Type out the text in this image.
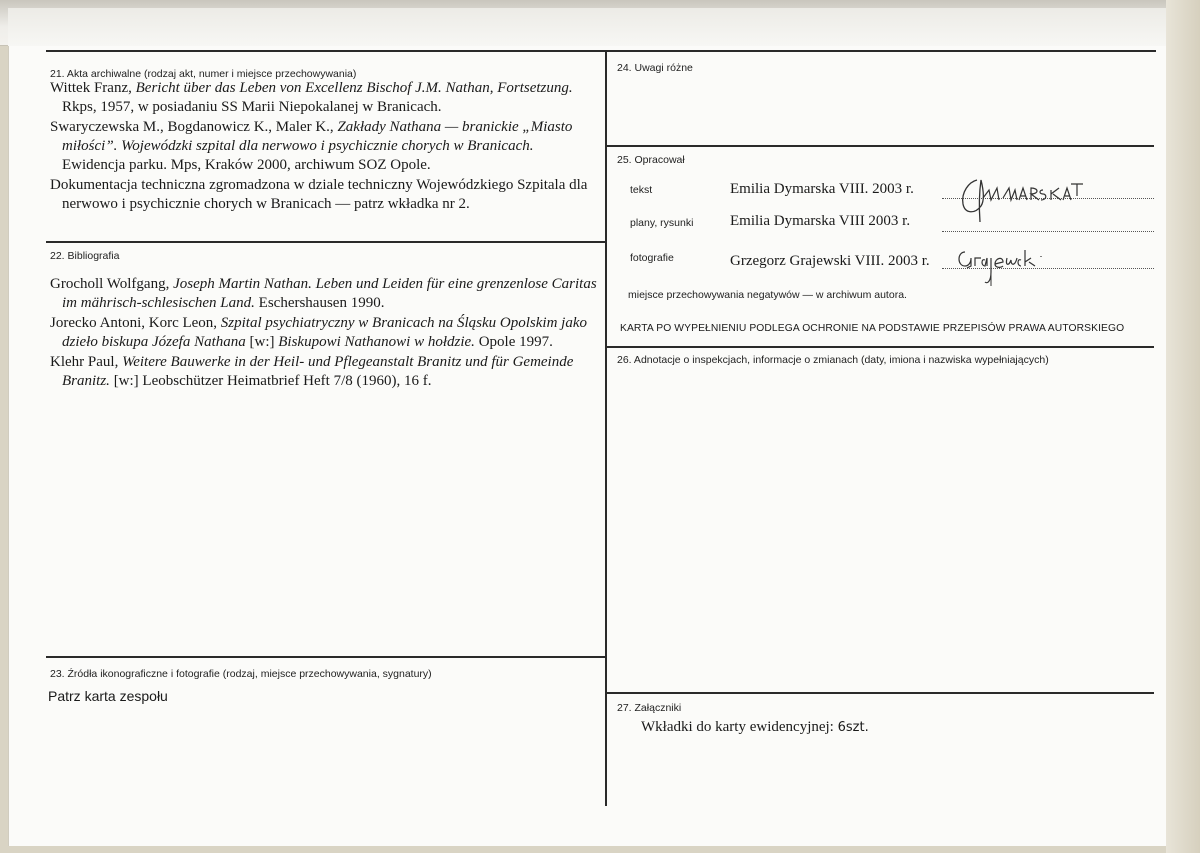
21. Akta archiwalne (rodzaj akt, numer i miejsce przechowywania)
Wittek Franz, Bericht über das Leben von Excellenz Bischof J.M. Nathan, Fortsetzung. Rkps, 1957, w posiadaniu SS Marii Niepokalanej w Branicach.
Swaryczewska M., Bogdanowicz K., Maler K., Zakłady Nathana — branickie „Miasto miłości”. Wojewódzki szpital dla nerwowo i psychicznie chorych w Branicach. Ewidencja parku. Mps, Kraków 2000, archiwum SOZ Opole.
Dokumentacja techniczna zgromadzona w dziale techniczny Wojewódzkiego Szpitala dla nerwowo i psychicznie chorych w Branicach — patrz wkładka nr 2.
22. Bibliografia
Grocholl Wolfgang, Joseph Martin Nathan. Leben und Leiden für eine grenzenlose Caritas im mährisch-schlesischen Land. Eschershausen 1990.
Jorecko Antoni, Korc Leon, Szpital psychiatryczny w Branicach na Śląsku Opolskim jako dzieło biskupa Józefa Nathana [w:] Biskupowi Nathanowi w hołdzie. Opole 1997.
Klehr Paul, Weitere Bauwerke in der Heil- und Pflegeanstalt Branitz und für Gemeinde Branitz. [w:] Leobschützer Heimatbrief Heft 7/8 (1960), 16 f.
23. Źródła ikonograficzne i fotografie (rodzaj, miejsce przechowywania, sygnatury)
Patrz karta zespołu
24. Uwagi różne
25. Opracował
tekst	Emilia Dymarska VIII. 2003 r.
plany, rysunki Emilia Dymarska VIII 2003 r.
fotografie	Grzegorz Grajewski VIII. 2003 r.
miejsce przechowywania negatywów — w archiwum autora.
KARTA PO WYPEŁNIENIU PODLEGA OCHRONIE NA PODSTAWIE PRZEPISÓW PRAWA AUTORSKIEGO
26. Adnotacje o inspekcjach, informacje o zmianach (daty, imiona i nazwiska wypełniających)
27. Załączniki
Wkładki do karty ewidencyjnej: 6szt.
